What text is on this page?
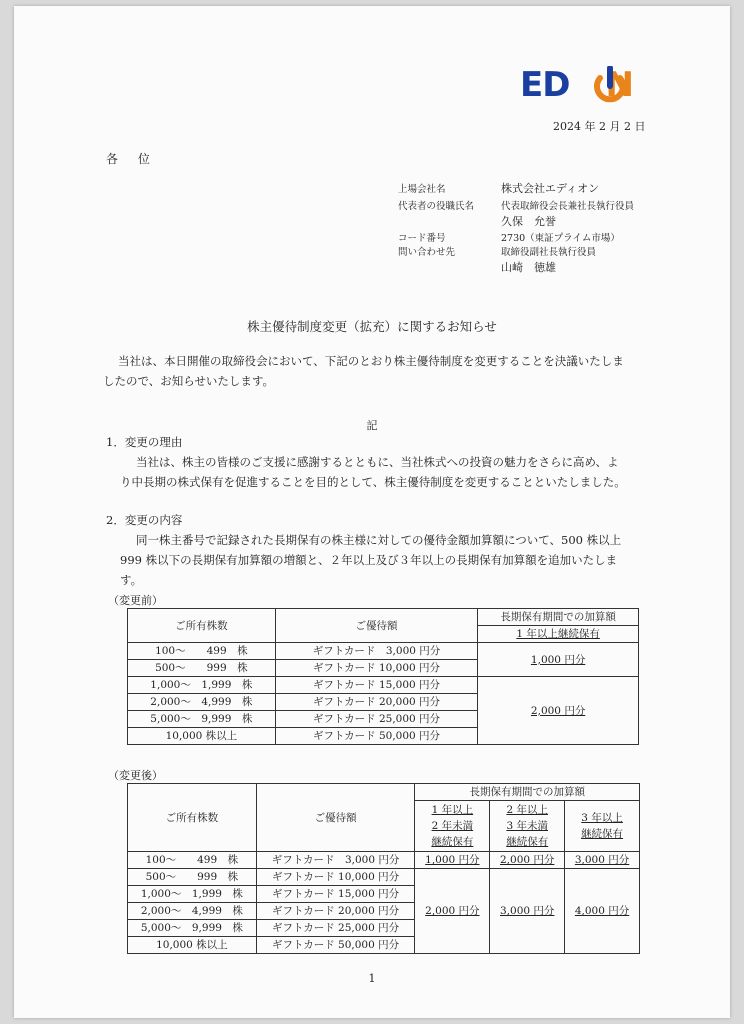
ED N
2024 年 2 月 2 日
各 位
上場会社名	株式会社エディオン
代表者の役職氏名	代表取締役会長兼社長執行役員
久保　允誉
コード番号	2730（東証プライム市場）
問い合わせ先	取締役副社長執行役員
山崎　徳雄
株主優待制度変更（拡充）に関するお知らせ
当社は、本日開催の取締役会において、下記のとおり株主優待制度を変更することを決議いたしま
したので、お知らせいたします。
記
1．変更の理由
当社は、株主の皆様のご支援に感謝するとともに、当社株式への投資の魅力をさらに高め、よ
り中長期の株式保有を促進することを目的として、株主優待制度を変更することといたしました。
2．変更の内容
同一株主番号で記録された長期保有の株主様に対しての優待金額加算額について、500 株以上
999 株以下の長期保有加算額の増額と、２年以上及び３年以上の長期保有加算額を追加いたしま
す。
（変更前）
ご所有株数	ご優待額	長期保有期間での加算額
		1 年以上継続保有
100～　　499　株	ギフトカード　3,000 円分	1,000 円分
500～　　999　株	ギフトカード 10,000 円分	
1,000～　1,999　株	ギフトカード 15,000 円分	2,000 円分
2,000～　4,999　株	ギフトカード 20,000 円分	
5,000～　9,999　株	ギフトカード 25,000 円分	
10,000 株以上	ギフトカード 50,000 円分	
（変更後）
ご所有株数	ご優待額	長期保有期間での加算額		
		1 年以上
2 年未満
継続保有	2 年以上
3 年未満
継続保有	3 年以上
継続保有
100～　　499　株	ギフトカード　3,000 円分	1,000 円分	2,000 円分	3,000 円分
500～　　999　株	ギフトカード 10,000 円分	2,000 円分	3,000 円分	4,000 円分
1,000～　1,999　株	ギフトカード 15,000 円分			
2,000～　4,999　株	ギフトカード 20,000 円分			
5,000～　9,999　株	ギフトカード 25,000 円分			
10,000 株以上	ギフトカード 50,000 円分			
1
